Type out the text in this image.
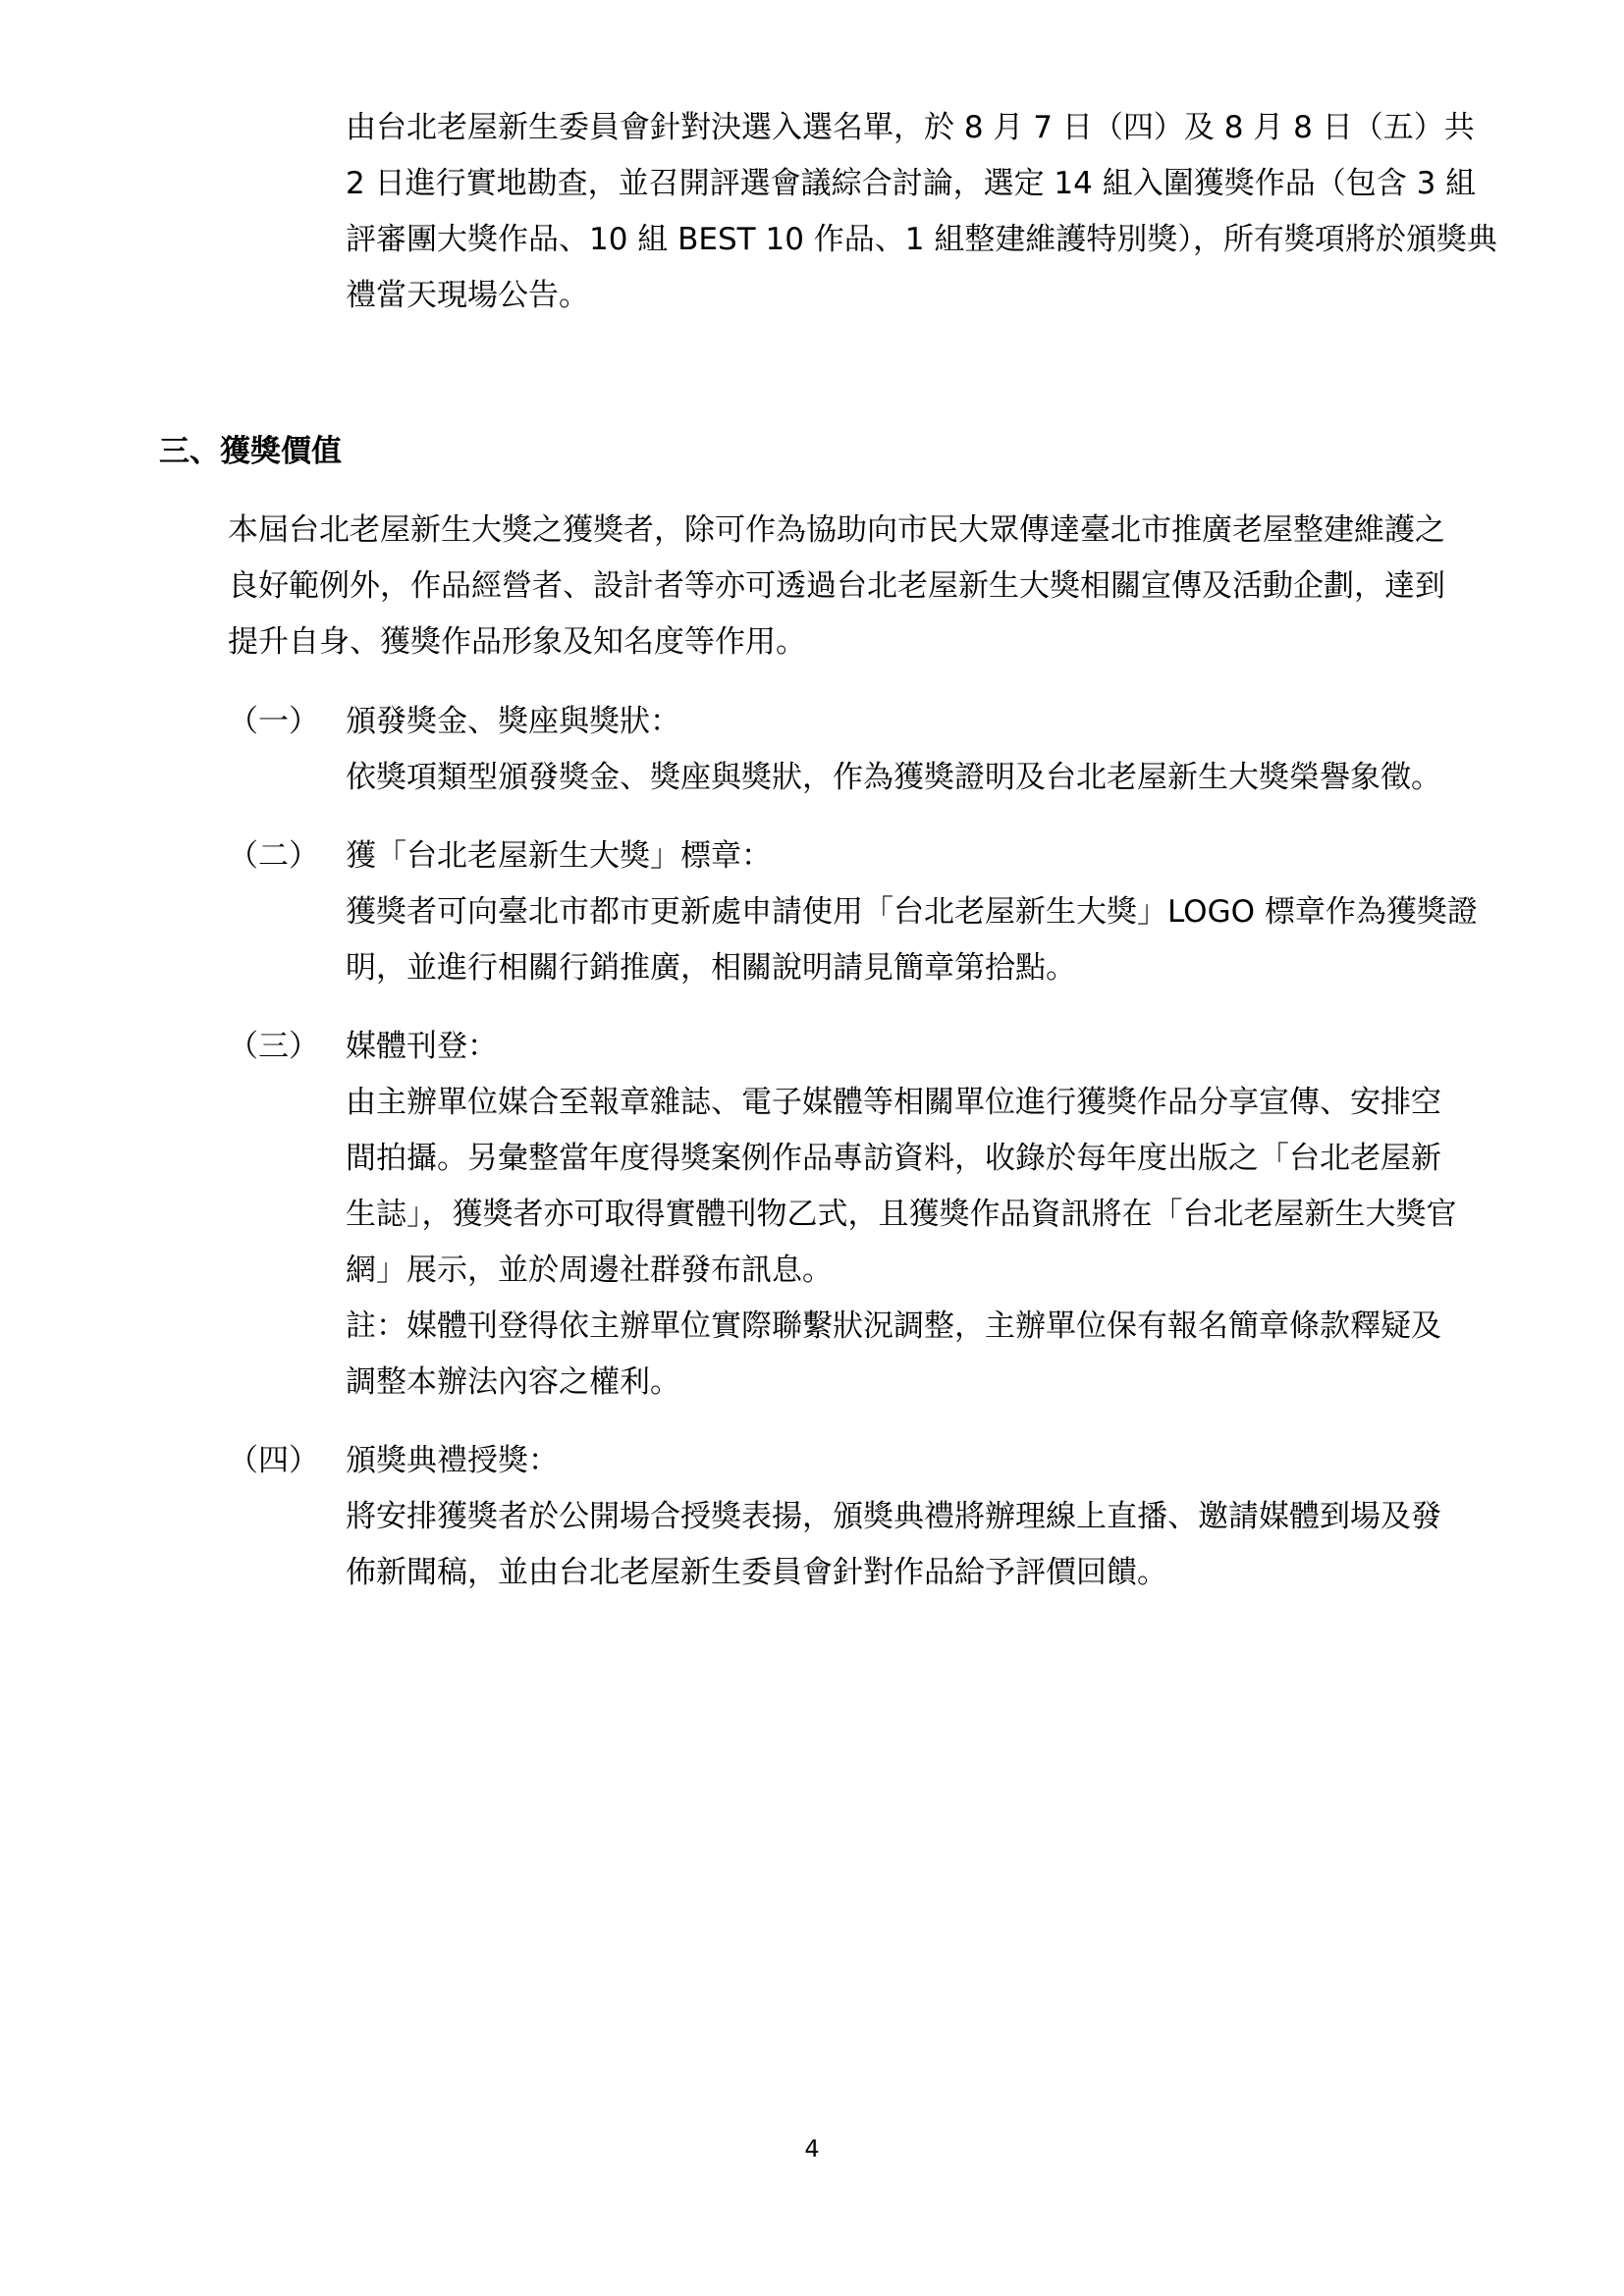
由台北老屋新生委員會針對決選入選名單，於 8 月 7 日（四）及 8 月 8 日（五）共
2 日進行實地勘查，並召開評選會議綜合討論，選定 14 組入圍獲獎作品（包含 3 組
評審團大獎作品、10 組 BEST 10 作品、1 組整建維護特別獎），所有獎項將於頒獎典
禮當天現場公告。
三、獲獎價值
本屆台北老屋新生大獎之獲獎者，除可作為協助向市民大眾傳達臺北市推廣老屋整建維護之
良好範例外，作品經營者、設計者等亦可透過台北老屋新生大獎相關宣傳及活動企劃，達到
提升自身、獲獎作品形象及知名度等作用。
（一） 頒發獎金、獎座與獎狀：
依獎項類型頒發獎金、獎座與獎狀，作為獲獎證明及台北老屋新生大獎榮譽象徵。
（二） 獲「台北老屋新生大獎」標章：
獲獎者可向臺北市都市更新處申請使用「台北老屋新生大獎」LOGO 標章作為獲獎證
明，並進行相關行銷推廣，相關說明請見簡章第拾點。
（三） 媒體刊登：
由主辦單位媒合至報章雜誌、電子媒體等相關單位進行獲獎作品分享宣傳、安排空
間拍攝。另彙整當年度得獎案例作品專訪資料，收錄於每年度出版之「台北老屋新
生誌」，獲獎者亦可取得實體刊物乙式，且獲獎作品資訊將在「台北老屋新生大獎官
網」展示，並於周邊社群發布訊息。
註：媒體刊登得依主辦單位實際聯繫狀況調整，主辦單位保有報名簡章條款釋疑及
調整本辦法內容之權利。
（四） 頒獎典禮授獎：
將安排獲獎者於公開場合授獎表揚，頒獎典禮將辦理線上直播、邀請媒體到場及發
佈新聞稿，並由台北老屋新生委員會針對作品給予評價回饋。
4
